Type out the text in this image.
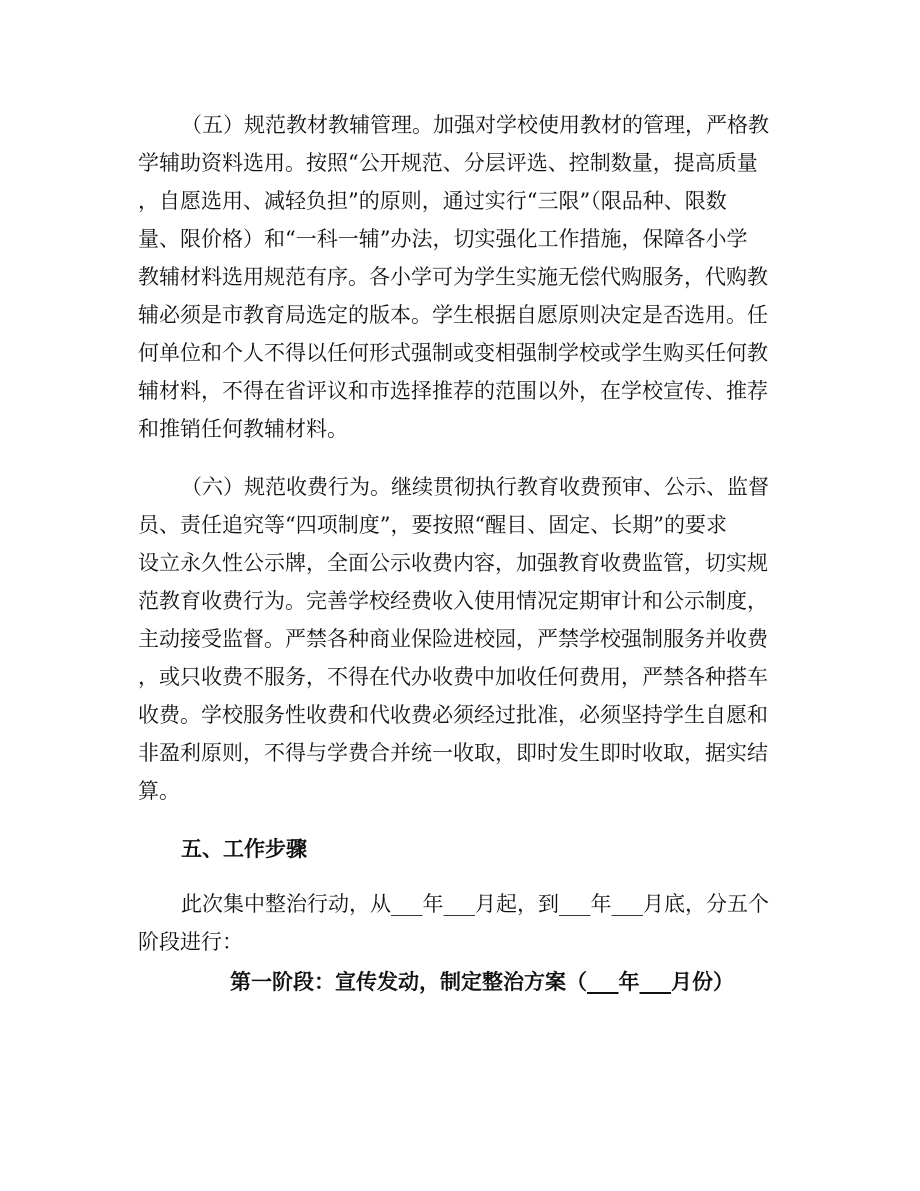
（五）规范教材教辅管理。加强对学校使用教材的管理，严格教
学辅助资料选用。按照“公开规范、分层评选、控制数量，提高质量
，自愿选用、减轻负担”的原则，通过实行“三限”（限品种、限数
量、限价格）和“一科一辅”办法，切实强化工作措施，保障各小学
教辅材料选用规范有序。各小学可为学生实施无偿代购服务，代购教
辅必须是市教育局选定的版本。学生根据自愿原则决定是否选用。任
何单位和个人不得以任何形式强制或变相强制学校或学生购买任何教
辅材料，不得在省评议和市选择推荐的范围以外，在学校宣传、推荐
和推销任何教辅材料。
（六）规范收费行为。继续贯彻执行教育收费预审、公示、监督
员、责任追究等“四项制度”，要按照“醒目、固定、长期”的要求
设立永久性公示牌，全面公示收费内容，加强教育收费监管，切实规
范教育收费行为。完善学校经费收入使用情况定期审计和公示制度，
主动接受监督。严禁各种商业保险进校园，严禁学校强制服务并收费
，或只收费不服务，不得在代办收费中加收任何费用，严禁各种搭车
收费。学校服务性收费和代收费必须经过批准，必须坚持学生自愿和
非盈利原则，不得与学费合并统一收取，即时发生即时收取，据实结
算。
五、工作步骤
此次集中整治行动，从___年___月起，到___年___月底，分五个
阶段进行：
第一阶段：宣传发动，制定整治方案（___年___月份）
